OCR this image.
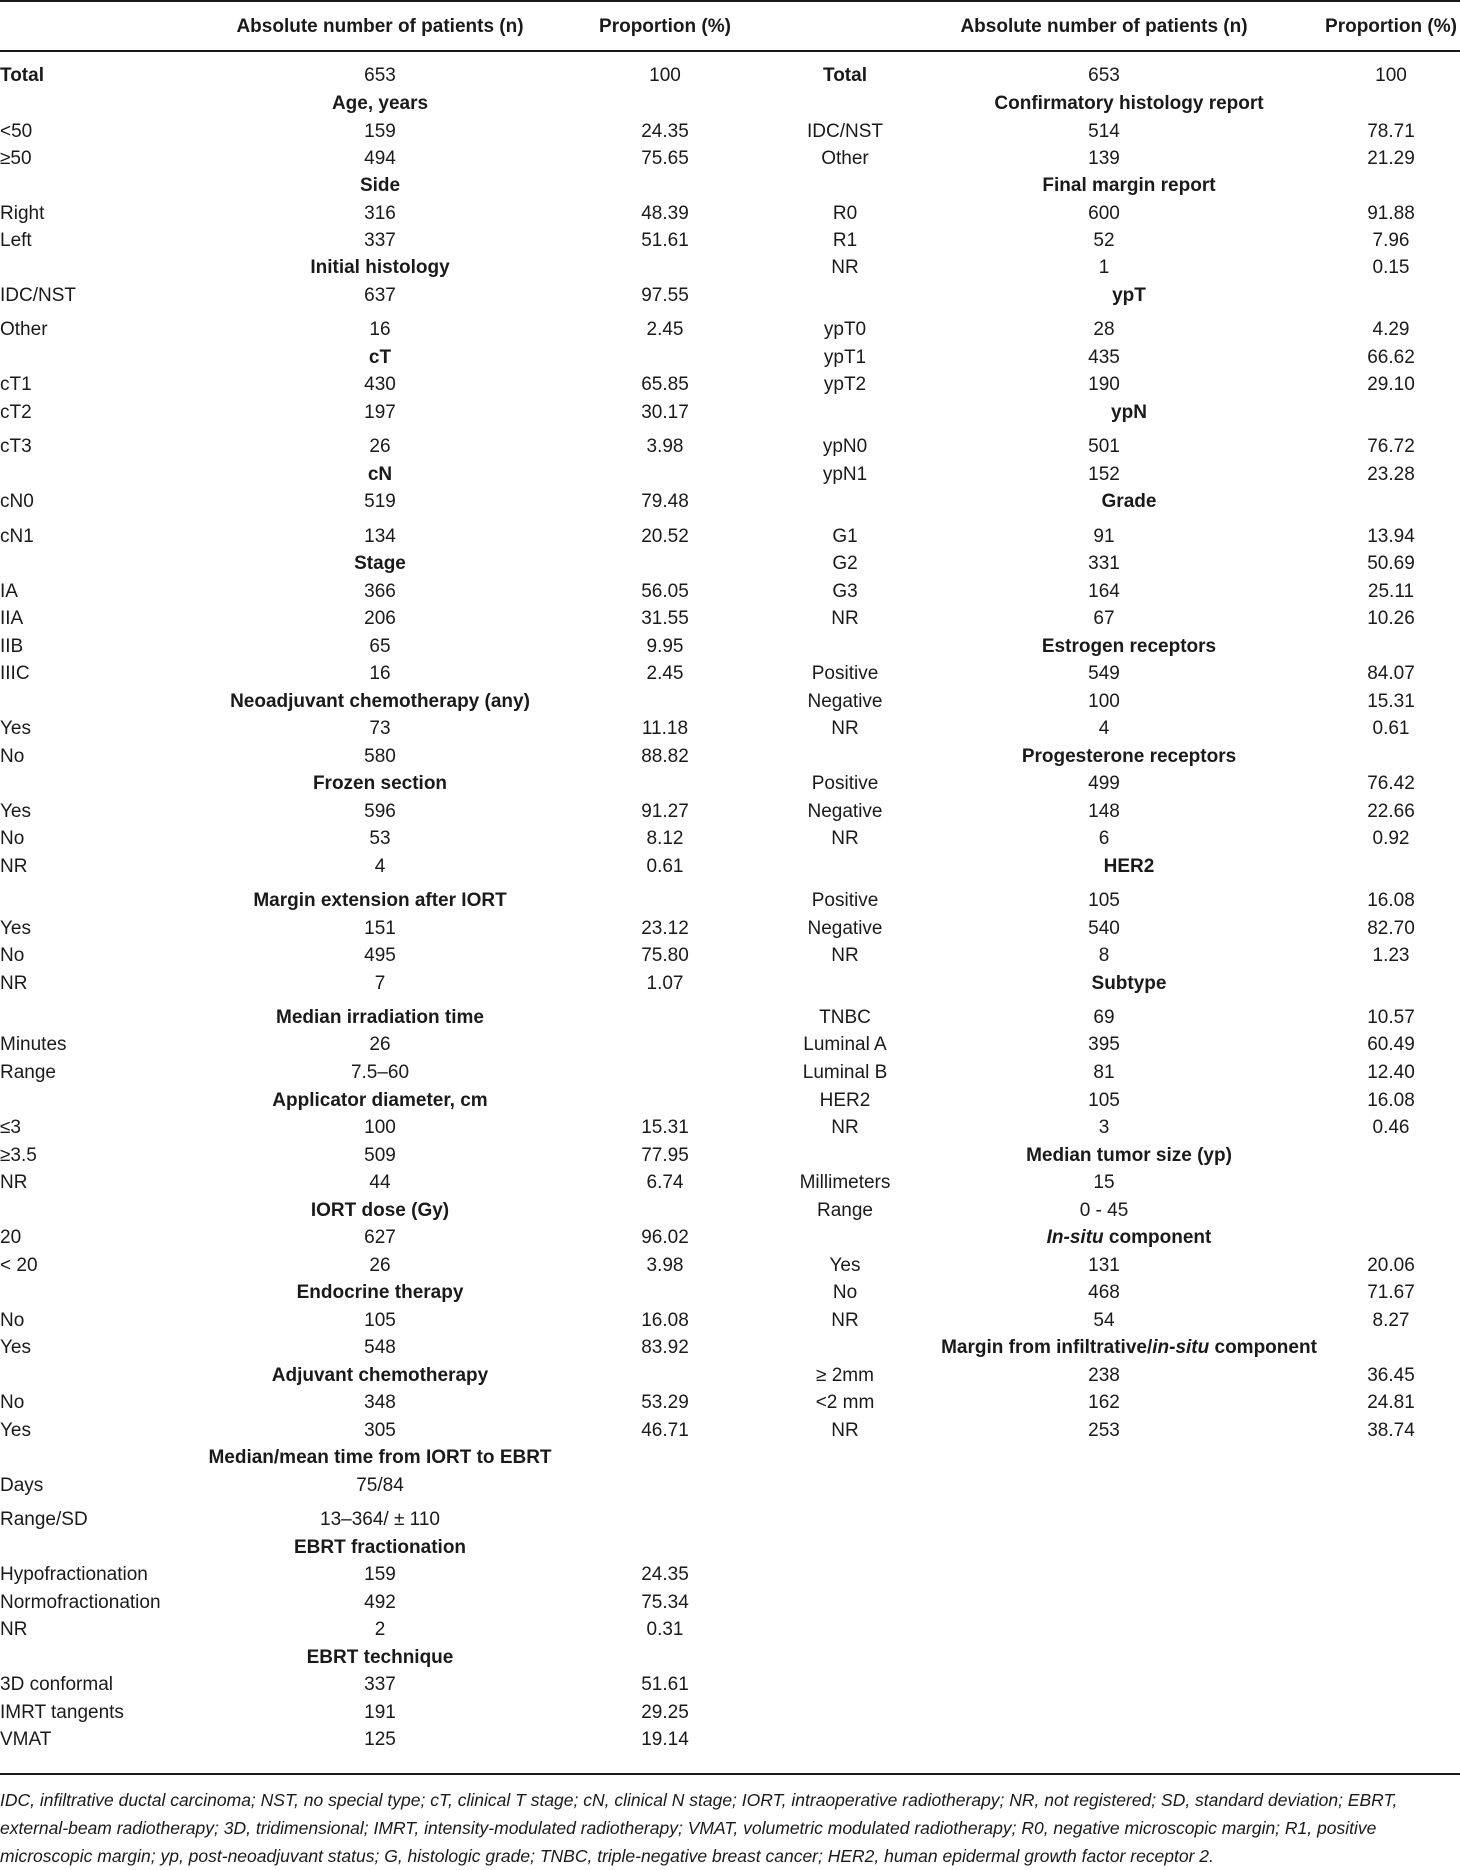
Absolute number of patients (n)	Proportion (%)	Absolute number of patients (n)	Proportion (%)
Total	653	100
Age, years
<50	159	24.35
≥50	494	75.65
Side
Right	316	48.39
Left	337	51.61
Initial histology
IDC/NST	637	97.55
Other	16	2.45
cT
cT1	430	65.85
cT2	197	30.17
cT3	26	3.98
cN
cN0	519	79.48
cN1	134	20.52
Stage
IA	366	56.05
IIA	206	31.55
IIB	65	9.95
IIIC	16	2.45
Neoadjuvant chemotherapy (any)
Yes	73	11.18
No	580	88.82
Frozen section
Yes	596	91.27
No	53	8.12
NR	4	0.61
Margin extension after IORT
Yes	151	23.12
No	495	75.80
NR	7	1.07
Median irradiation time
Minutes	26
Range	7.5–60
Applicator diameter, cm
≤3	100	15.31
≥3.5	509	77.95
NR	44	6.74
IORT dose (Gy)
20	627	96.02
< 20	26	3.98
Endocrine therapy
No	105	16.08
Yes	548	83.92
Adjuvant chemotherapy
No	348	53.29
Yes	305	46.71
Median/mean time from IORT to EBRT
Days	75/84
Range/SD	13–364/ ± 110
EBRT fractionation
Hypofractionation	159	24.35
Normofractionation	492	75.34
NR	2	0.31
EBRT technique
3D conformal	337	51.61
IMRT tangents	191	29.25
VMAT	125	19.14
Total	653	100
Confirmatory histology report
IDC/NST	514	78.71
Other	139	21.29
Final margin report
R0	600	91.88
R1	52	7.96
NR	1	0.15
ypT
ypT0	28	4.29
ypT1	435	66.62
ypT2	190	29.10
ypN
ypN0	501	76.72
ypN1	152	23.28
Grade
G1	91	13.94
G2	331	50.69
G3	164	25.11
NR	67	10.26
Estrogen receptors
Positive	549	84.07
Negative	100	15.31
NR	4	0.61
Progesterone receptors
Positive	499	76.42
Negative	148	22.66
NR	6	0.92
HER2
Positive	105	16.08
Negative	540	82.70
NR	8	1.23
Subtype
TNBC	69	10.57
Luminal A	395	60.49
Luminal B	81	12.40
HER2	105	16.08
NR	3	0.46
Median tumor size (yp)
Millimeters	15
Range	0 - 45
In-situ component
Yes	131	20.06
No	468	71.67
NR	54	8.27
Margin from infiltrative/in-situ component
≥ 2mm	238	36.45
<2 mm	162	24.81
NR	253	38.74
IDC, infiltrative ductal carcinoma; NST, no special type; cT, clinical T stage; cN, clinical N stage; IORT, intraoperative radiotherapy; NR, not registered; SD, standard deviation; EBRT, external-beam radiotherapy; 3D, tridimensional; IMRT, intensity-modulated radiotherapy; VMAT, volumetric modulated radiotherapy; R0, negative microscopic margin; R1, positive microscopic margin; yp, post-neoadjuvant status; G, histologic grade; TNBC, triple-negative breast cancer; HER2, human epidermal growth factor receptor 2.
